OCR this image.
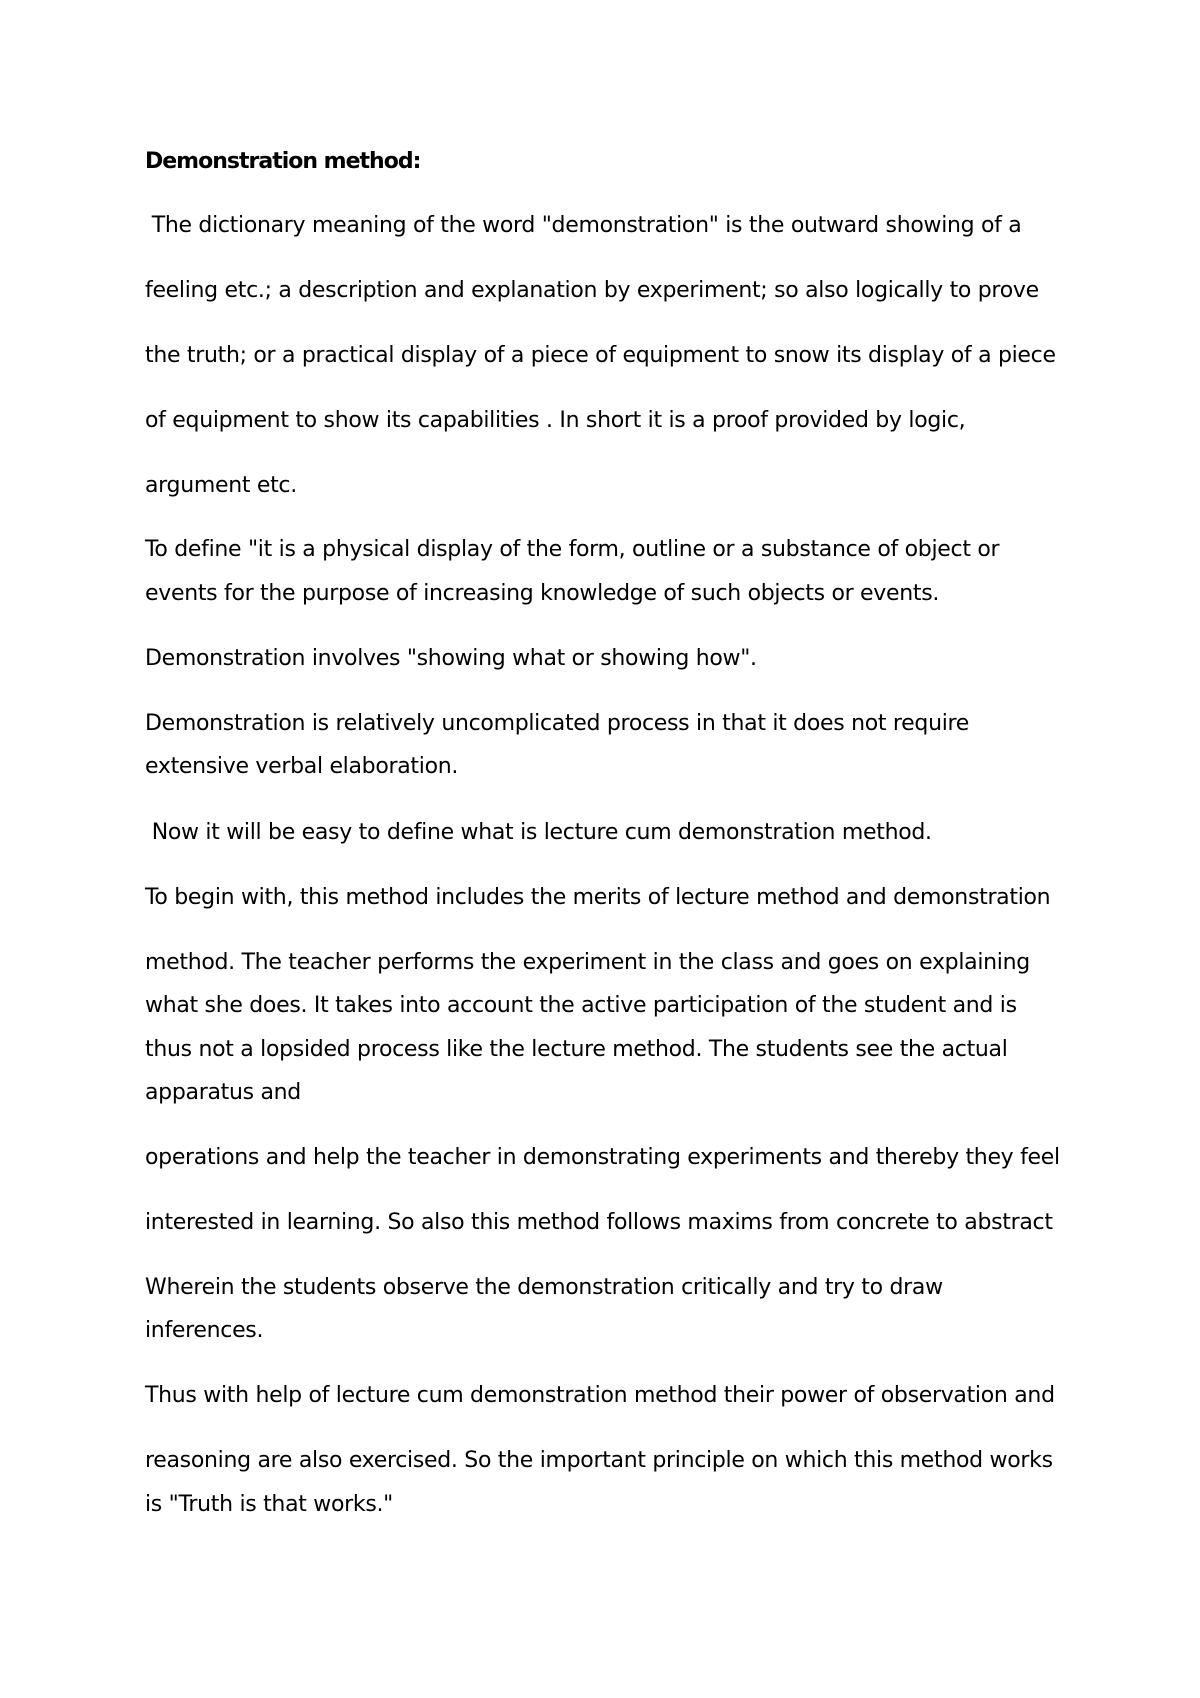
Demonstration method:
The dictionary meaning of the word "demonstration" is the outward showing of a
feeling etc.; a description and explanation by experiment; so also logically to prove
the truth; or a practical display of a piece of equipment to snow its display of a piece
of equipment to show its capabilities . In short it is a proof provided by logic,
argument etc.
To define "it is a physical display of the form, outline or a substance of object or
events for the purpose of increasing knowledge of such objects or events.
Demonstration involves "showing what or showing how".
Demonstration is relatively uncomplicated process in that it does not require
extensive verbal elaboration.
Now it will be easy to define what is lecture cum demonstration method.
To begin with, this method includes the merits of lecture method and demonstration
method. The teacher performs the experiment in the class and goes on explaining
what she does. It takes into account the active participation of the student and is
thus not a lopsided process like the lecture method. The students see the actual
apparatus and
operations and help the teacher in demonstrating experiments and thereby they feel
interested in learning. So also this method follows maxims from concrete to abstract
Wherein the students observe the demonstration critically and try to draw
inferences.
Thus with help of lecture cum demonstration method their power of observation and
reasoning are also exercised. So the important principle on which this method works
is "Truth is that works."
